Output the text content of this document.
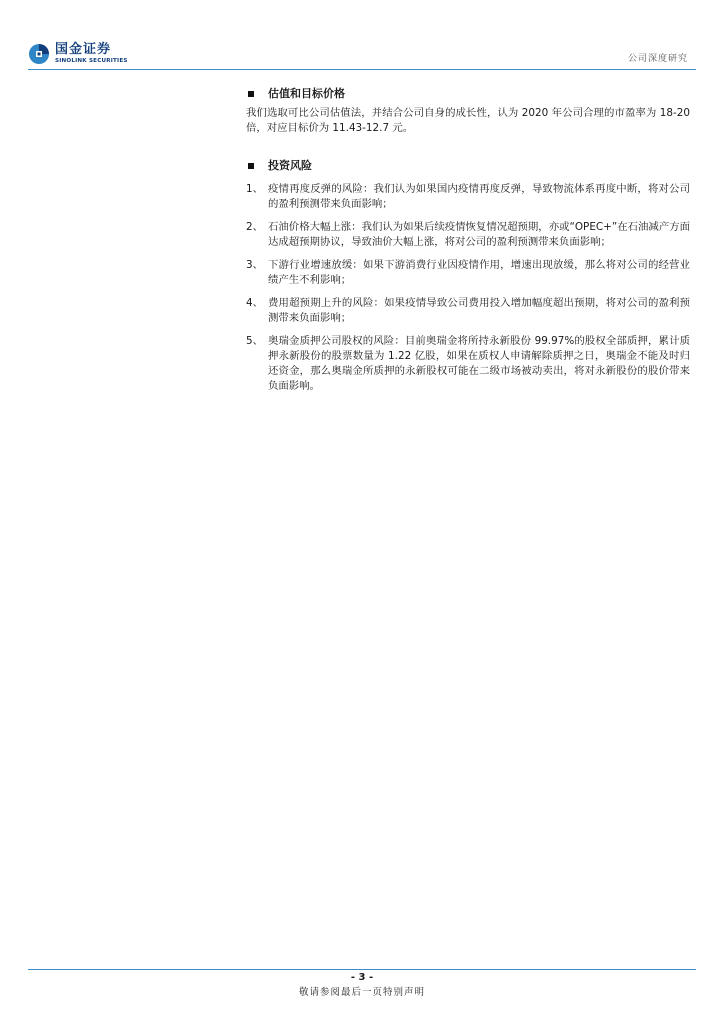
国金证券
SINOLINK SECURITIES	公司深度研究

估值和目标价格

我们选取可比公司估值法，并结合公司自身的成长性，认为 2020 年公司合理的市盈率为 18-20 倍，对应目标价为 11.43-12.7 元。

投资风险

1、 疫情再度反弹的风险：我们认为如果国内疫情再度反弹，导致物流体系再度中断，将对公司的盈利预测带来负面影响；
2、 石油价格大幅上涨：我们认为如果后续疫情恢复情况超预期，亦或“OPEC+”在石油减产方面达成超预期协议，导致油价大幅上涨，将对公司的盈利预测带来负面影响；
3、 下游行业增速放缓：如果下游消费行业因疫情作用，增速出现放缓，那么将对公司的经营业绩产生不利影响；
4、 费用超预期上升的风险：如果疫情导致公司费用投入增加幅度超出预期，将对公司的盈利预测带来负面影响；
5、 奥瑞金质押公司股权的风险：目前奥瑞金将所持永新股份 99.97%的股权全部质押，累计质押永新股份的股票数量为 1.22 亿股，如果在质权人申请解除质押之日，奥瑞金不能及时归还资金，那么奥瑞金所质押的永新股权可能在二级市场被动卖出，将对永新股份的股价带来负面影响。
- 3 -
敬请参阅最后一页特别声明
